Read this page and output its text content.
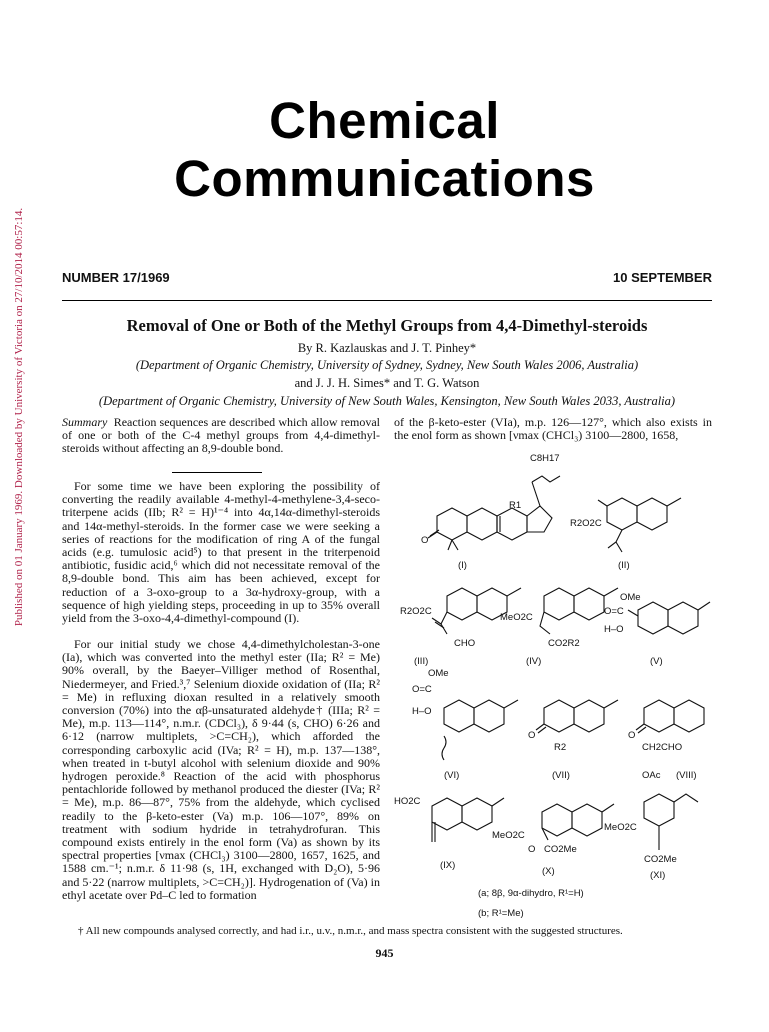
Published on 01 January 1969. Downloaded by University of Victoria on 27/10/2014 00:57:14.
Chemical
Communications
NUMBER 17/1969	10 SEPTEMBER
Removal of One or Both of the Methyl Groups from 4,4-Dimethyl-steroids
By R. Kazlauskas and J. T. Pinhey*
(Department of Organic Chemistry, University of Sydney, Sydney, New South Wales 2006, Australia)
and J. J. H. Simes* and T. G. Watson
(Department of Organic Chemistry, University of New South Wales, Kensington, New South Wales 2033, Australia)

Summary Reaction sequences are described which allow removal of one or both of the C-4 methyl groups from 4,4-dimethyl-steroids without affecting an 8,9-double bond.

For some time we have been exploring the possibility of converting the readily available 4-methyl-4-methylene-3,4-seco-triterpene acids (IIb; R² = H)¹⁻⁴ into 4α,14α-dimethyl-steroids and 14α-methyl-steroids. In the former case we were seeking a series of reactions for the modification of ring A of the fungal acids (e.g. tumulosic acid⁵) to that present in the triterpenoid antibiotic, fusidic acid,⁶ which did not necessitate removal of the 8,9-double bond. This aim has been achieved, except for reduction of a 3-oxo-group to a 3α-hydroxy-group, with a sequence of high yielding steps, proceeding in up to 35% overall yield from the 3-oxo-4,4-dimethyl-compound (I).
For our initial study we chose 4,4-dimethylcholestan-3-one (Ia), which was converted into the methyl ester (IIa; R² = Me) 90% overall, by the Baeyer–Villiger method of Rosenthal, Niedermeyer, and Fried.³,⁷ Selenium dioxide oxidation of (IIa; R² = Me) in refluxing dioxan resulted in a relatively smooth conversion (70%) into the αβ-unsaturated aldehyde† (IIIa; R² = Me), m.p. 113—114°, n.m.r. (CDCl₃), δ 9·44 (s, CHO) 6·26 and 6·12 (narrow multiplets, >C=CH₂), which afforded the corresponding carboxylic acid (IVa; R² = H), m.p. 137—138°, when treated in t-butyl alcohol with selenium dioxide and 90% hydrogen peroxide.⁸ Reaction of the acid with phosphorus pentachloride followed by methanol produced the diester (IVa; R² = Me), m.p. 86—87°, 75% from the aldehyde, which cyclised readily to the β-keto-ester (Va) m.p. 106—107°, 89% on treatment with sodium hydride in tetrahydrofuran. This compound exists entirely in the enol form (Va) as shown by its spectral properties [νmax (CHCl₃) 3100—2800, 1657, 1625, and 1588 cm.⁻¹; n.m.r. δ 11·98 (s, 1H, exchanged with D₂O), 5·96 and 5·22 (narrow multiplets, >C=CH₂)]. Hydrogenation of (Va) in ethyl acetate over Pd–C led to formation
of the β-keto-ester (VIa), m.p. 126—127°, which also exists in the enol form as shown [νmax (CHCl₃) 3100—2800, 1658,
C8H17
R1
O
(I)
R2O2C
(II)
R2O2C
CHO
(III)
MeO2C
CO2R2
(IV)
OMe
O=C
H–O
(V)
OMe
O=C
H–O
(VI)
O
R2
(VII)
O
CH2CHO
OAc (VIII)
HO2C
(IX)
MeO2C
O CO2Me
(X)
MeO2C
CO2Me
(XI)
(a; 8β, 9α-dihydro, R¹=H)
(b; R¹=Me)
† All new compounds analysed correctly, and had i.r., u.v., n.m.r., and mass spectra consistent with the suggested structures.
945
